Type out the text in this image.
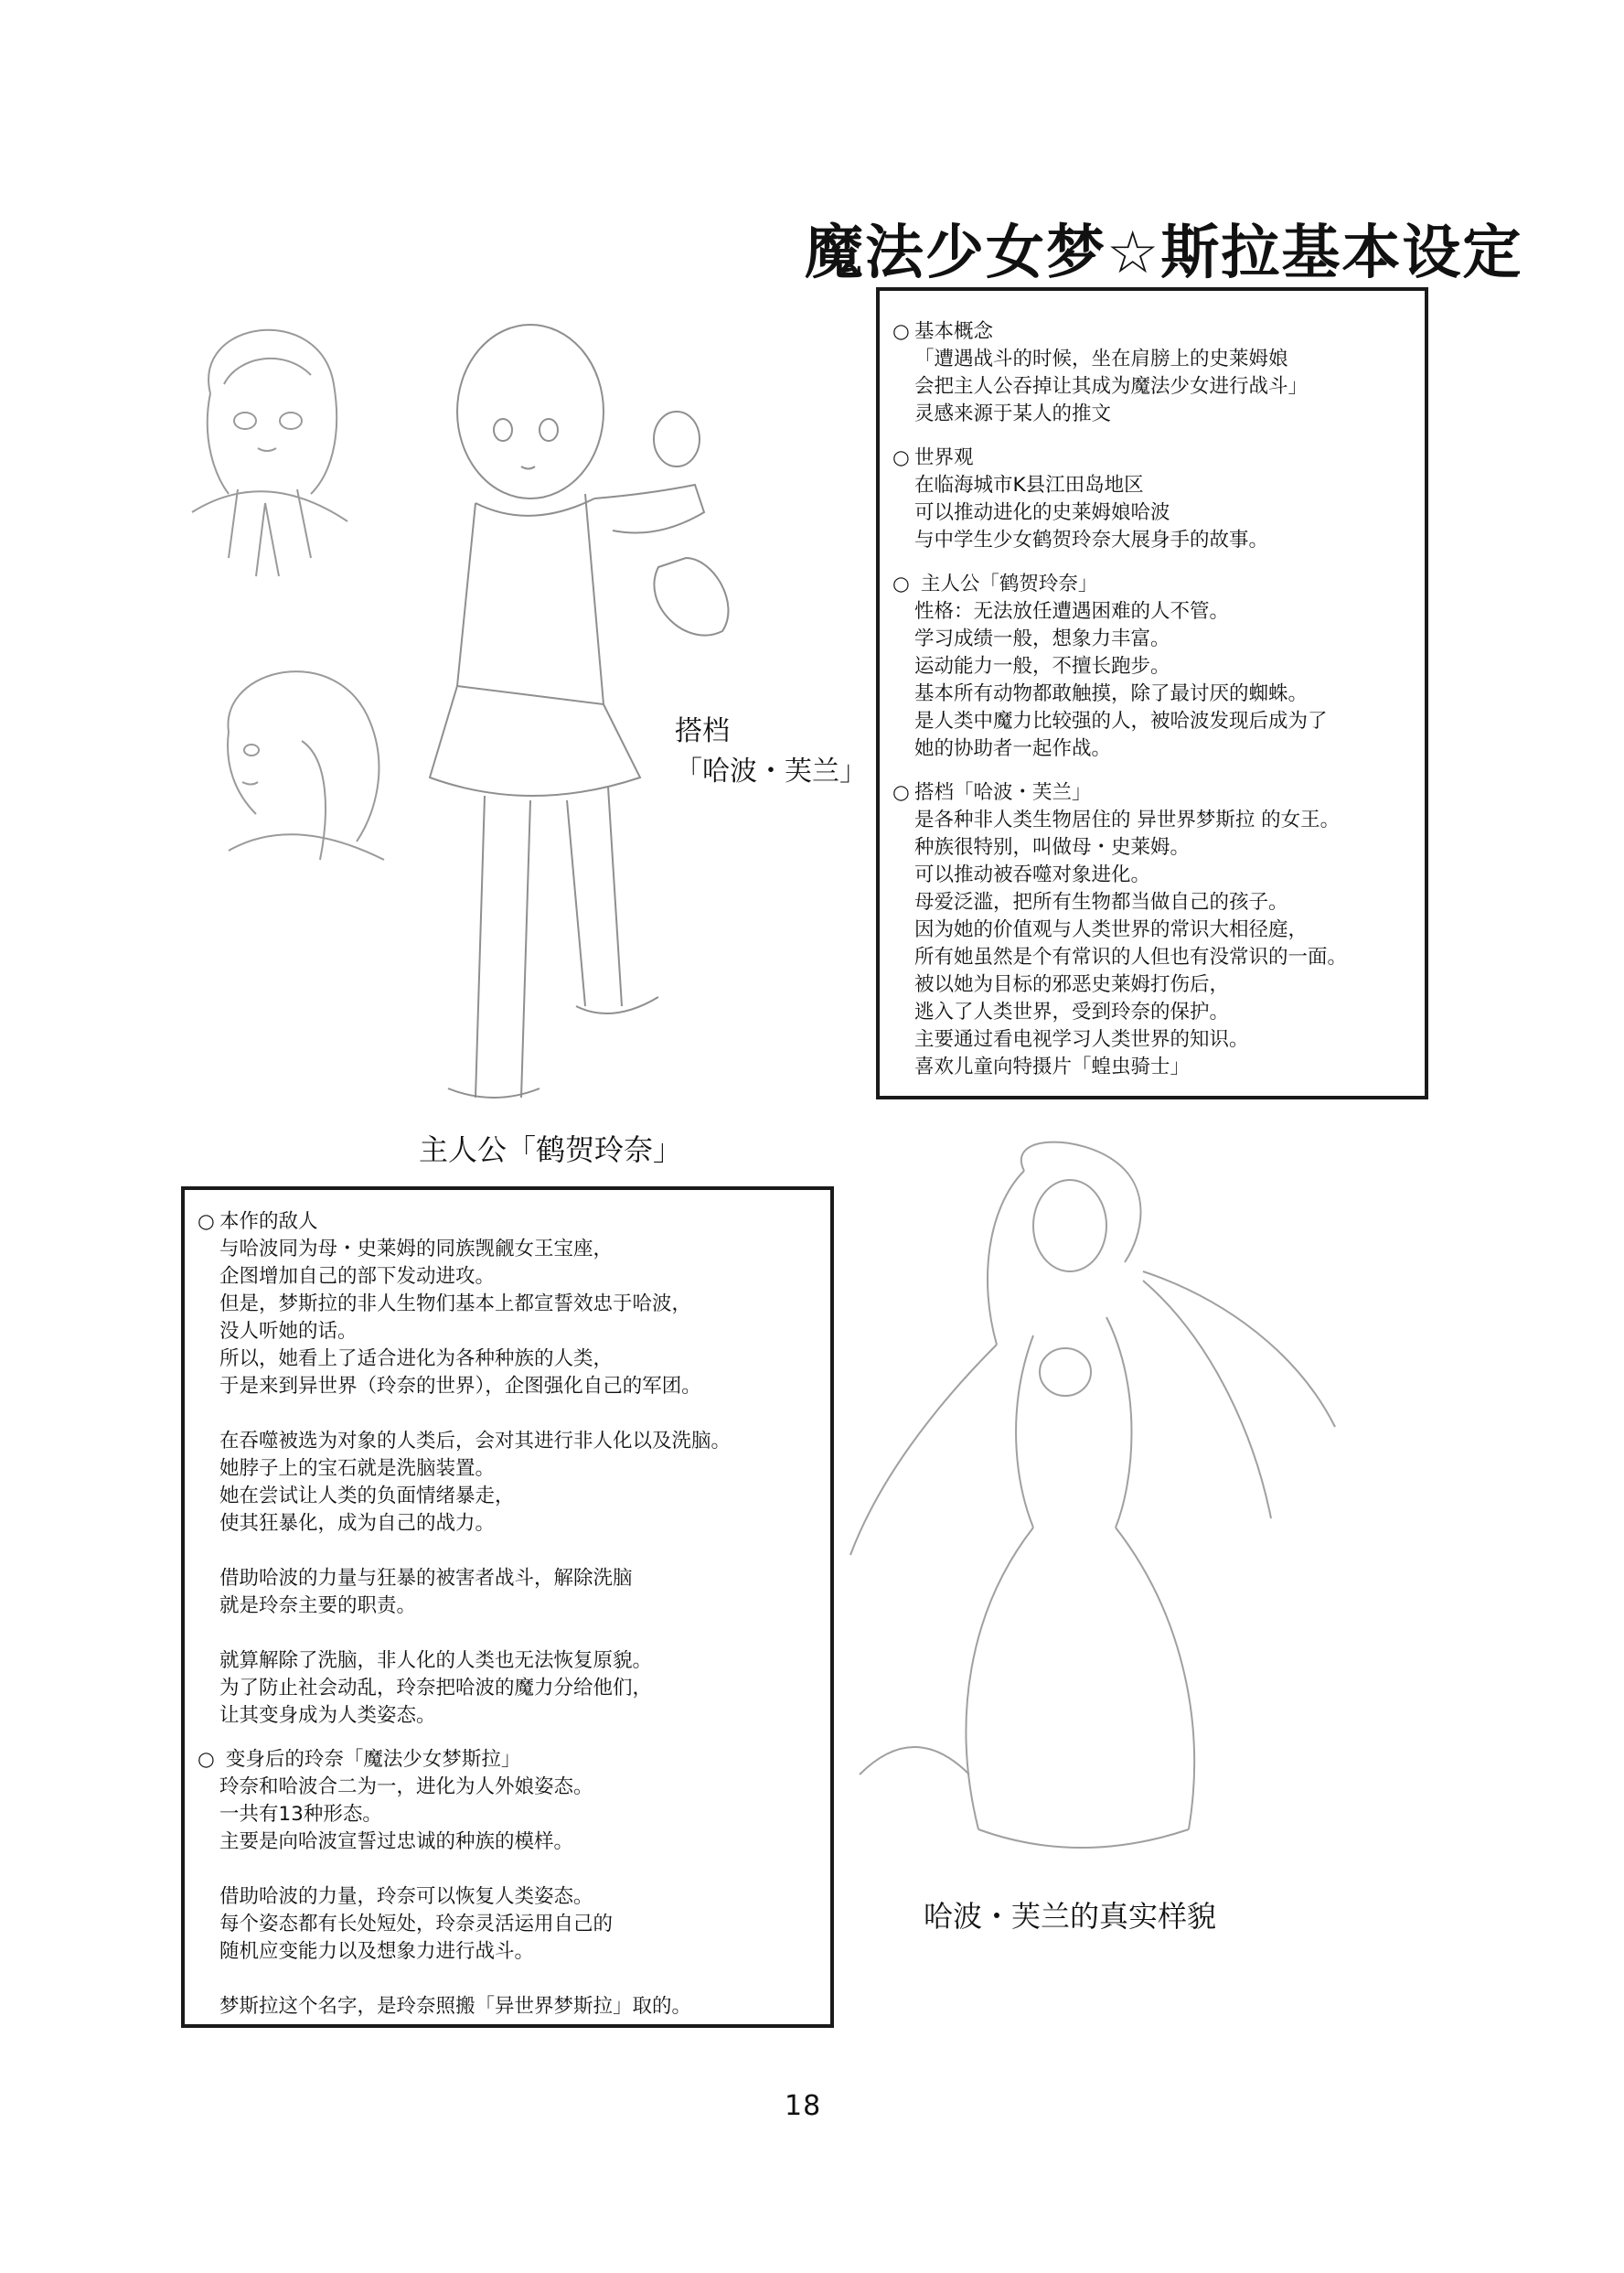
魔法少女梦☆斯拉基本设定
搭档
「哈波・芙兰」
主人公「鹤贺玲奈」
哈波・芙兰的真实样貌
○ 基本概念
「遭遇战斗的时候，坐在肩膀上的史莱姆娘
会把主人公吞掉让其成为魔法少女进行战斗」
灵感来源于某人的推文
○ 世界观
在临海城市K县江田岛地区
可以推动进化的史莱姆娘哈波
与中学生少女鹤贺玲奈大展身手的故事。
○ 主人公「鹤贺玲奈」
性格：无法放任遭遇困难的人不管。
学习成绩一般，想象力丰富。
运动能力一般，不擅长跑步。
基本所有动物都敢触摸，除了最讨厌的蜘蛛。
是人类中魔力比较强的人，被哈波发现后成为了
她的协助者一起作战。
○ 搭档「哈波・芙兰」
是各种非人类生物居住的 异世界梦斯拉 的女王。
种族很特别，叫做母・史莱姆。
可以推动被吞噬对象进化。
母爱泛滥，把所有生物都当做自己的孩子。
因为她的价值观与人类世界的常识大相径庭，
所有她虽然是个有常识的人但也有没常识的一面。
被以她为目标的邪恶史莱姆打伤后，
逃入了人类世界，受到玲奈的保护。
主要通过看电视学习人类世界的知识。
喜欢儿童向特摄片「蝗虫骑士」
○ 本作的敌人
与哈波同为母・史莱姆的同族觊觎女王宝座，
企图增加自己的部下发动进攻。
但是，梦斯拉的非人生物们基本上都宣誓效忠于哈波，
没人听她的话。
所以，她看上了适合进化为各种种族的人类，
于是来到异世界（玲奈的世界），企图强化自己的军团。
在吞噬被选为对象的人类后，会对其进行非人化以及洗脑。
她脖子上的宝石就是洗脑装置。
她在尝试让人类的负面情绪暴走，
使其狂暴化，成为自己的战力。
借助哈波的力量与狂暴的被害者战斗，解除洗脑
就是玲奈主要的职责。
就算解除了洗脑，非人化的人类也无法恢复原貌。
为了防止社会动乱，玲奈把哈波的魔力分给他们，
让其变身成为人类姿态。
○ 变身后的玲奈「魔法少女梦斯拉」
玲奈和哈波合二为一，进化为人外娘姿态。
一共有13种形态。
主要是向哈波宣誓过忠诚的种族的模样。
借助哈波的力量，玲奈可以恢复人类姿态。
每个姿态都有长处短处，玲奈灵活运用自己的
随机应变能力以及想象力进行战斗。
梦斯拉这个名字，是玲奈照搬「异世界梦斯拉」取的。
18
